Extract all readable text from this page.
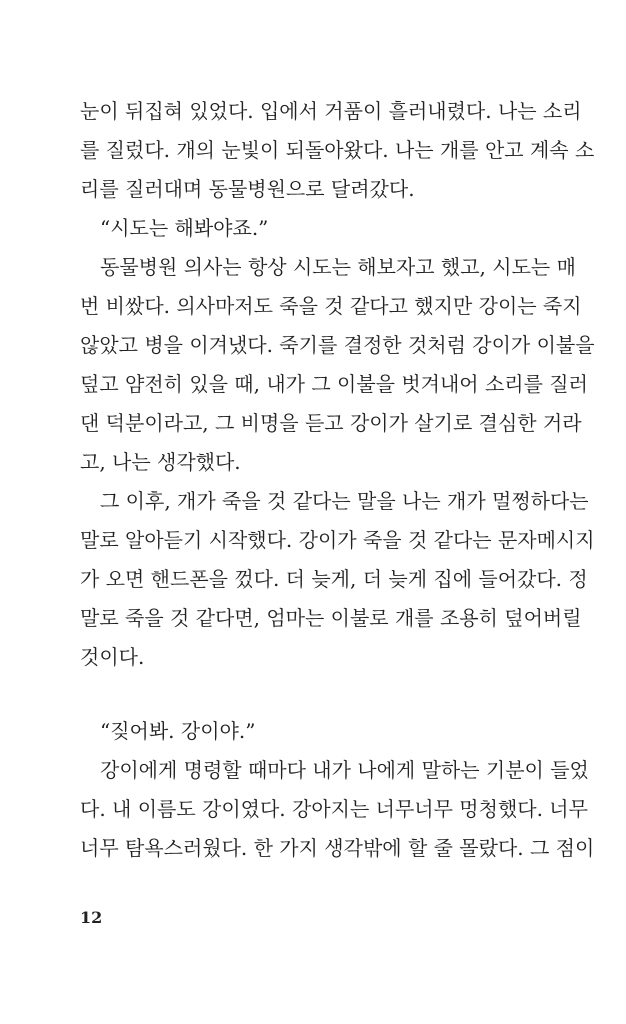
눈이 뒤집혀 있었다. 입에서 거품이 흘러내렸다. 나는 소리
를 질렀다. 개의 눈빛이 되돌아왔다. 나는 개를 안고 계속 소
리를 질러대며 동물병원으로 달려갔다.
“시도는 해봐야죠.”
동물병원 의사는 항상 시도는 해보자고 했고, 시도는 매
번 비쌌다. 의사마저도 죽을 것 같다고 했지만 강이는 죽지
않았고 병을 이겨냈다. 죽기를 결정한 것처럼 강이가 이불을
덮고 얌전히 있을 때, 내가 그 이불을 벗겨내어 소리를 질러
댄 덕분이라고, 그 비명을 듣고 강이가 살기로 결심한 거라
고, 나는 생각했다.
그 이후, 개가 죽을 것 같다는 말을 나는 개가 멀쩡하다는
말로 알아듣기 시작했다. 강이가 죽을 것 같다는 문자메시지
가 오면 핸드폰을 껐다. 더 늦게, 더 늦게 집에 들어갔다. 정
말로 죽을 것 같다면, 엄마는 이불로 개를 조용히 덮어버릴
것이다.
“짖어봐. 강이야.”
강이에게 명령할 때마다 내가 나에게 말하는 기분이 들었
다. 내 이름도 강이였다. 강아지는 너무너무 멍청했다. 너무
너무 탐욕스러웠다. 한 가지 생각밖에 할 줄 몰랐다. 그 점이
12
